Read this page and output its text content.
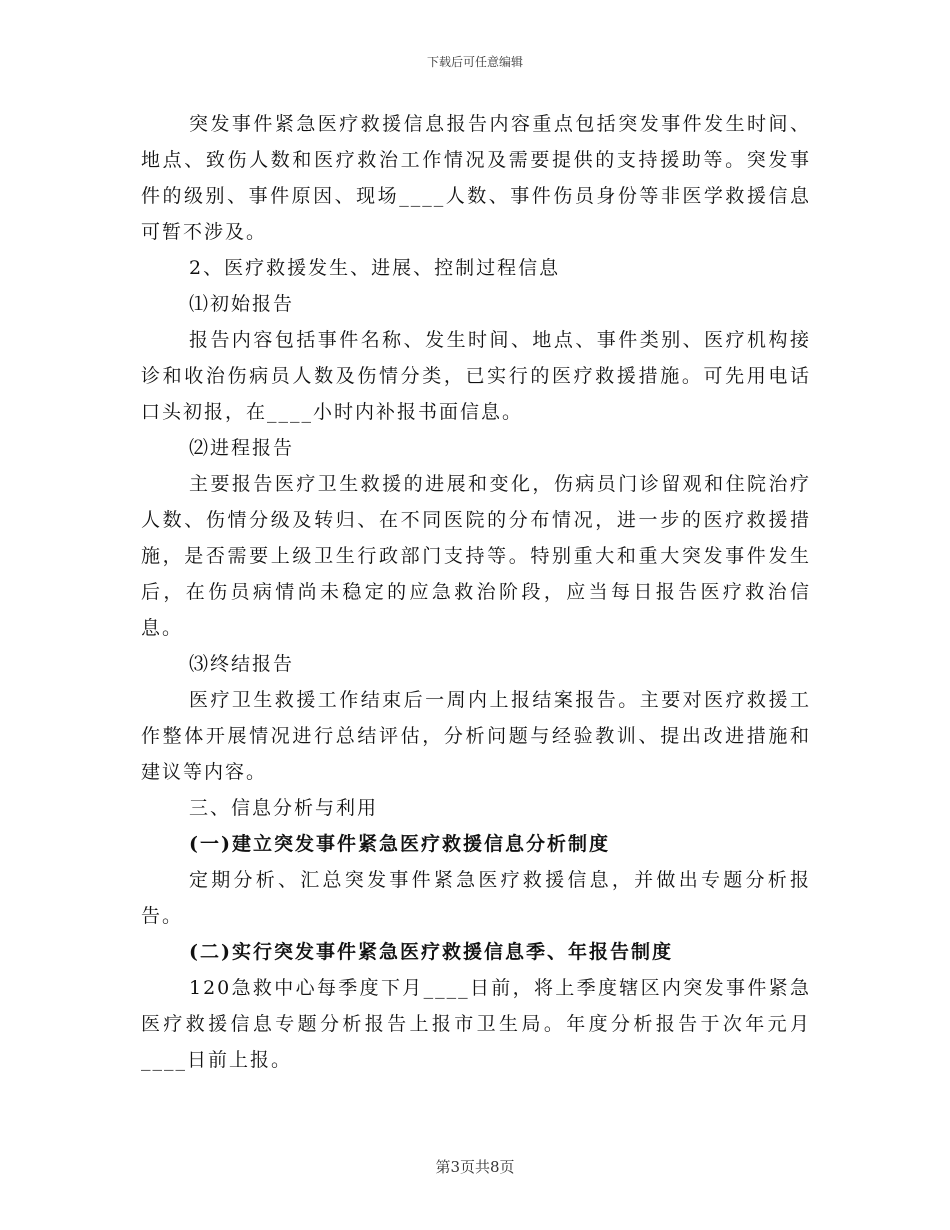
下载后可任意编辑

突发事件紧急医疗救援信息报告内容重点包括突发事件发生时间、地点、致伤人数和医疗救治工作情况及需要提供的支持援助等。突发事件的级别、事件原因、现场____人数、事件伤员身份等非医学救援信息可暂不涉及。

2、医疗救援发生、进展、控制过程信息

⑴初始报告

报告内容包括事件名称、发生时间、地点、事件类别、医疗机构接诊和收治伤病员人数及伤情分类，已实行的医疗救援措施。可先用电话口头初报，在____小时内补报书面信息。

⑵进程报告

主要报告医疗卫生救援的进展和变化，伤病员门诊留观和住院治疗人数、伤情分级及转归、在不同医院的分布情况，进一步的医疗救援措施，是否需要上级卫生行政部门支持等。特别重大和重大突发事件发生后，在伤员病情尚未稳定的应急救治阶段，应当每日报告医疗救治信息。

⑶终结报告

医疗卫生救援工作结束后一周内上报结案报告。主要对医疗救援工作整体开展情况进行总结评估，分析问题与经验教训、提出改进措施和建议等内容。

三、信息分析与利用

(一)建立突发事件紧急医疗救援信息分析制度

定期分析、汇总突发事件紧急医疗救援信息，并做出专题分析报告。

(二)实行突发事件紧急医疗救援信息季、年报告制度

120急救中心每季度下月____日前，将上季度辖区内突发事件紧急医疗救援信息专题分析报告上报市卫生局。年度分析报告于次年元月____日前上报。

第3页共8页
